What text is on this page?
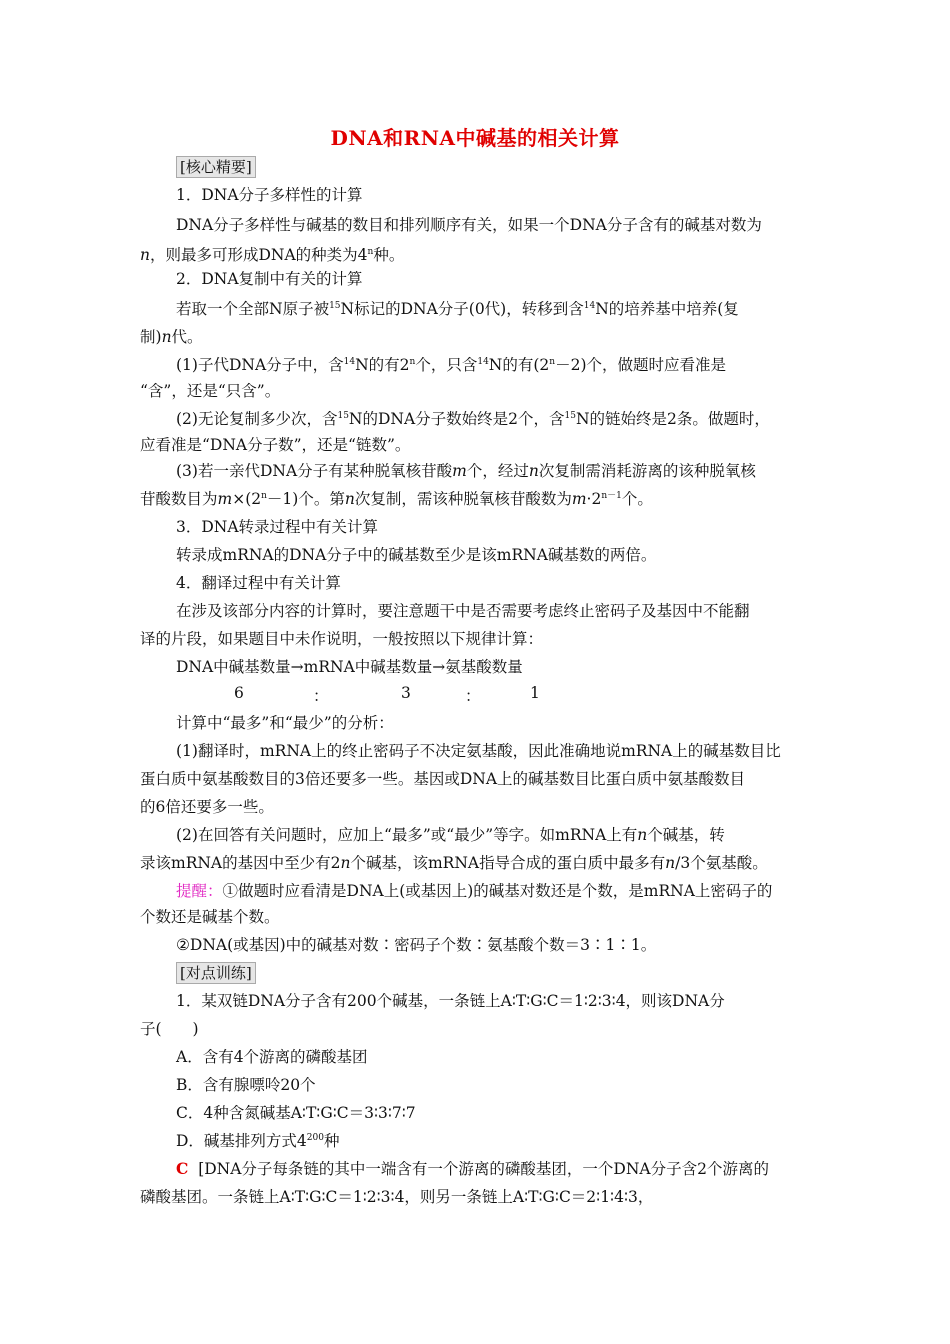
DNA和RNA中碱基的相关计算
[核心精要]
1．DNA分子多样性的计算
DNA分子多样性与碱基的数目和排列顺序有关，如果一个DNA分子含有的碱基对数为
n，则最多可形成DNA的种类为4$^n$种。
2．DNA复制中有关的计算
若取一个全部N原子被$^{15}$N标记的DNA分子(0代)，转移到含$^{14}$N的培养基中培养(复
制)n代。
(1)子代DNA分子中，含$^{14}$N的有2$^n$个，只含$^{14}$N的有$(2^n-2)$个，做题时应看准是
“含”，还是“只含”。
(2)无论复制多少次，含$^{15}$N的DNA分子数始终是2个，含$^{15}$N的链始终是2条。做题时，
应看准是“DNA分子数”，还是“链数”。
(3)若一亲代DNA分子有某种脱氧核苷酸m个，经过n次复制需消耗游离的该种脱氧核
苷酸数目为$m\times(2^n-1)$个。第n次复制，需该种脱氧核苷酸数为$m\cdot 2^{n-1}$个。
3．DNA转录过程中有关计算
转录成mRNA的DNA分子中的碱基数至少是该mRNA碱基数的两倍。
4．翻译过程中有关计算
在涉及该部分内容的计算时，要注意题干中是否需要考虑终止密码子及基因中不能翻
译的片段，如果题目中未作说明，一般按照以下规律计算：
DNA中碱基数量→mRNA中碱基数量→氨基酸数量
6	：	3	：	1
计算中“最多”和“最少”的分析：
(1)翻译时，mRNA上的终止密码子不决定氨基酸，因此准确地说mRNA上的碱基数目比
蛋白质中氨基酸数目的3倍还要多一些。基因或DNA上的碱基数目比蛋白质中氨基酸数目
的6倍还要多一些。
(2)在回答有关问题时，应加上“最多”或“最少”等字。如mRNA上有n个碱基，转
录该mRNA的基因中至少有2n个碱基，该mRNA指导合成的蛋白质中最多有n/3个氨基酸。
提醒：①做题时应看清是DNA上(或基因上)的碱基对数还是个数，是mRNA上密码子的
个数还是碱基个数。
②DNA(或基因)中的碱基对数∶密码子个数∶氨基酸个数＝3∶1∶1。
[对点训练]
1．某双链DNA分子含有200个碱基，一条链上A∶T∶G∶C＝1∶2∶3∶4，则该DNA分
子(　　)
A．含有4个游离的磷酸基团
B．含有腺嘌呤20个
C．4种含氮碱基A∶T∶G∶C＝3∶3∶7∶7
D．碱基排列方式$4^{200}$种
C [DNA分子每条链的其中一端含有一个游离的磷酸基团，一个DNA分子含2个游离的
磷酸基团。一条链上A∶T∶G∶C＝1∶2∶3∶4，则另一条链上A∶T∶G∶C＝2∶1∶4∶3，
